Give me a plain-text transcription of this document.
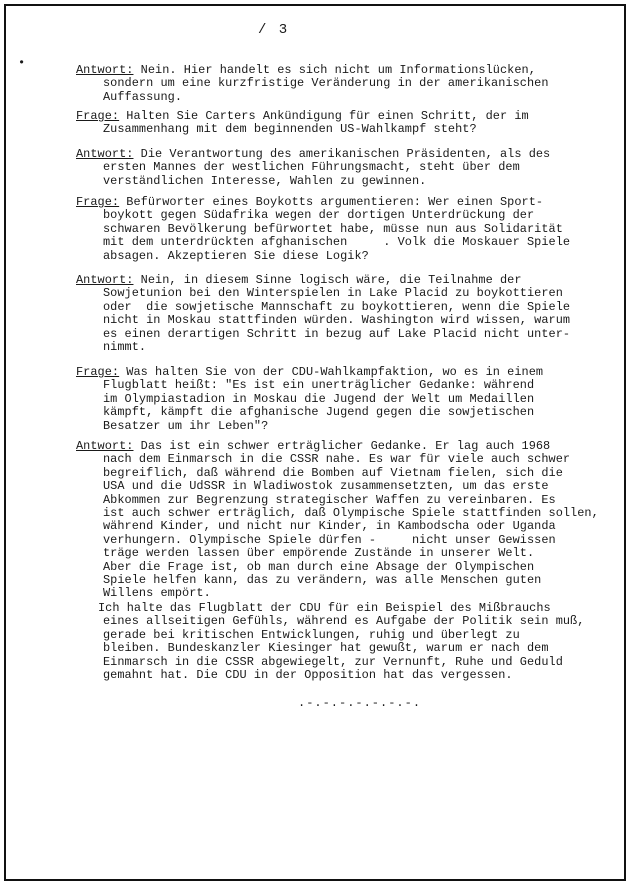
/ 3
•	Antwort: Nein. Hier handelt es sich nicht um Informationslücken,

sondern um eine kurzfristige Veränderung in der amerikanischen

Auffassung.

Frage: Halten Sie Carters Ankündigung für einen Schritt, der im

Zusammenhang mit dem beginnenden US-Wahlkampf steht?

Antwort: Die Verantwortung des amerikanischen Präsidenten, als des

ersten Mannes der westlichen Führungsmacht, steht über dem

verständlichen Interesse, Wahlen zu gewinnen.

Frage: Befürworter eines Boykotts argumentieren: Wer einen Sport-

boykott gegen Südafrika wegen der dortigen Unterdrückung der

schwaren Bevölkerung befürwortet habe, müsse nun aus Solidarität

mit dem unterdrückten afghanischen     . Volk die Moskauer Spiele

absagen. Akzeptieren Sie diese Logik?

Antwort: Nein, in diesem Sinne logisch wäre, die Teilnahme der

Sowjetunion bei den Winterspielen in Lake Placid zu boykottieren

oder  die sowjetische Mannschaft zu boykottieren, wenn die Spiele

nicht in Moskau stattfinden würden. Washington wird wissen, warum

es einen derartigen Schritt in bezug auf Lake Placid nicht unter-

nimmt.

Frage: Was halten Sie von der CDU-Wahlkampfaktion, wo es in einem

Flugblatt heißt: "Es ist ein unerträglicher Gedanke: während

im Olympiastadion in Moskau die Jugend der Welt um Medaillen

kämpft, kämpft die afghanische Jugend gegen die sowjetischen

Besatzer um ihr Leben"?

Antwort: Das ist ein schwer erträglicher Gedanke. Er lag auch 1968

nach dem Einmarsch in die CSSR nahe. Es war für viele auch schwer

begreiflich, daß während die Bomben auf Vietnam fielen, sich die

USA und die UdSSR in Wladiwostok zusammensetzten, um das erste

Abkommen zur Begrenzung strategischer Waffen zu vereinbaren. Es

ist auch schwer erträglich, daß Olympische Spiele stattfinden sollen,

während Kinder, und nicht nur Kinder, in Kambodscha oder Uganda

verhungern. Olympische Spiele dürfen -     nicht unser Gewissen

träge werden lassen über empörende Zustände in unserer Welt.

Aber die Frage ist, ob man durch eine Absage der Olympischen

Spiele helfen kann, das zu verändern, was alle Menschen guten

Willens empört.

Ich halte das Flugblatt der CDU für ein Beispiel des Mißbrauchs

eines allseitigen Gefühls, während es Aufgabe der Politik sein muß,

gerade bei kritischen Entwicklungen, ruhig und überlegt zu

bleiben. Bundeskanzler Kiesinger hat gewußt, warum er nach dem

Einmarsch in die CSSR abgewiegelt, zur Vernunft, Ruhe und Geduld

gemahnt hat. Die CDU in der Opposition hat das vergessen.

.-.-.-.-.-.-.-.
